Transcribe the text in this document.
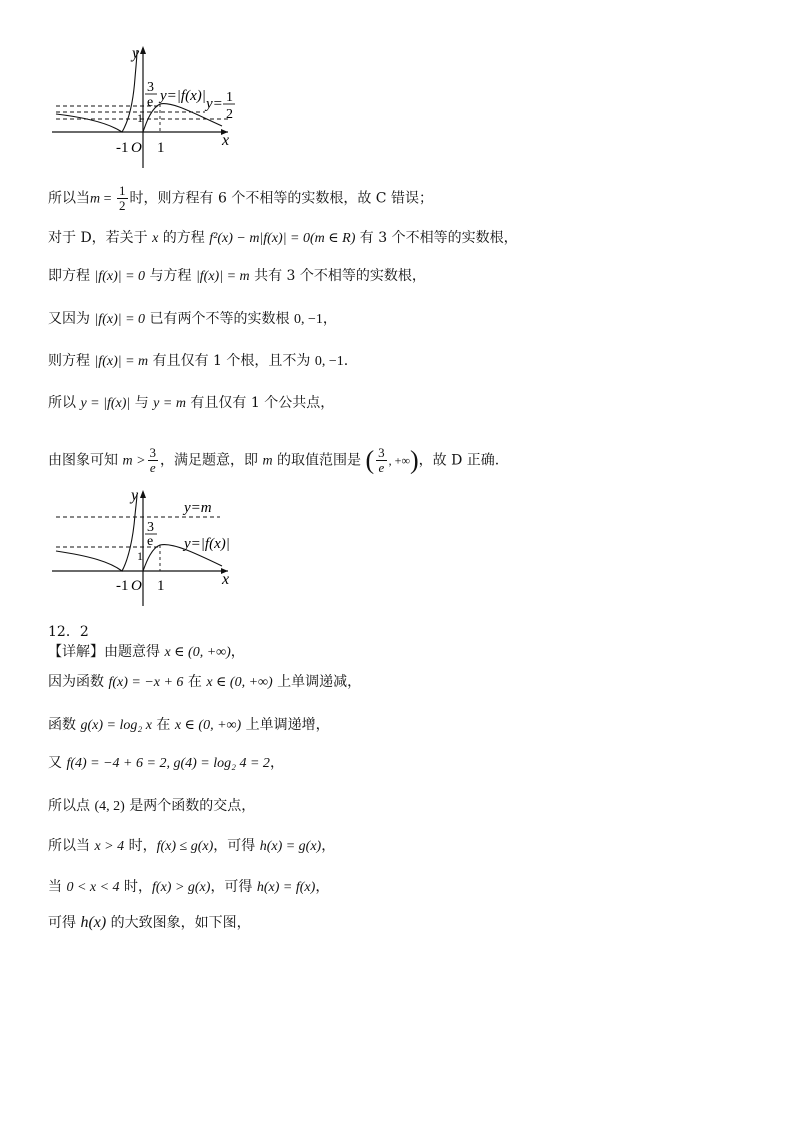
y
x
-1 O 1
1
3
e y=|f(x)| y= 1
2
所以当$m = \frac{1}{2}$ 时，则方程有 6 个不相等的实数根，故 C 错误；
对于 D，若关于 x 的方程 f²(x) − m|f(x)| = 0(m ∈ R) 有 3 个不相等的实数根，
即方程 |f(x)| = 0 与方程 |f(x)| = m 共有 3 个不相等的实数根，
又因为 |f(x)| = 0 已有两个不等的实数根 0, −1，
则方程 |f(x)| = m 有且仅有 1 个根，且不为 0, −1.
所以 y = |f(x)| 与 y = m 有且仅有 1 个公共点，
由图象可知 $m > \frac{3}{e}$ ，满足题意，即 m 的取值范围是 ( $\frac{3}{e}$ , +∞)，故 D 正确.
y
x
-1 O 1
1
3
e
y=m
y=|f(x)|
12．2
【详解】由题意得 x ∈ (0, +∞)，
因为函数 f(x) = −x + 6 在 x ∈ (0, +∞) 上单调递减，
函数 g(x) = log₂ x 在 x ∈ (0, +∞) 上单调递增，
又 f(4) = −4 + 6 = 2, g(4) = log₂ 4 = 2，
所以点 (4, 2) 是两个函数的交点，
所以当 x > 4 时，f(x) ≤ g(x)，可得 h(x) = g(x)，
当 0 < x < 4 时，f(x) > g(x)，可得 h(x) = f(x)，
可得 h(x) 的大致图象，如下图，
